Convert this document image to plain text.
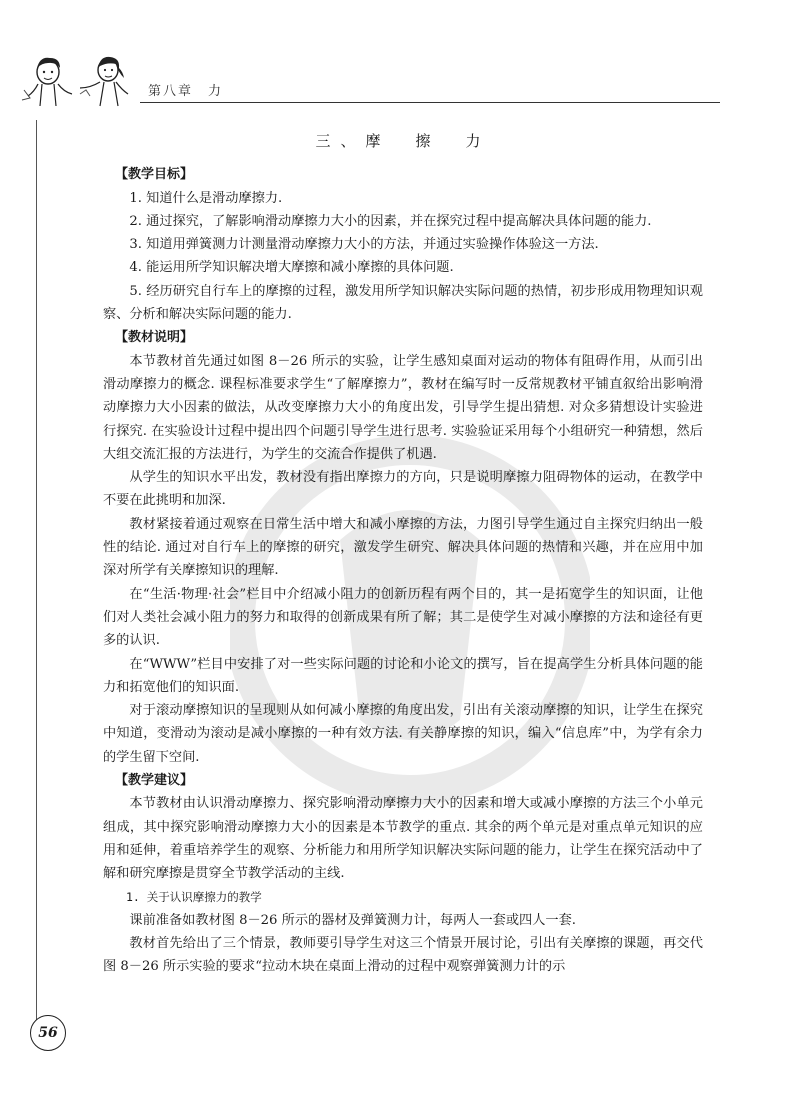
第八章　力
三、摩　擦　力
【教学目标】

1. 知道什么是滑动摩擦力.

2. 通过探究，了解影响滑动摩擦力大小的因素，并在探究过程中提高解决具体问题的能力.

3. 知道用弹簧测力计测量滑动摩擦力大小的方法，并通过实验操作体验这一方法.

4. 能运用所学知识解决增大摩擦和减小摩擦的具体问题.

5. 经历研究自行车上的摩擦的过程，激发用所学知识解决实际问题的热情，初步形成用物理知识观察、分析和解决实际问题的能力.

【教材说明】

本节教材首先通过如图 8－26 所示的实验，让学生感知桌面对运动的物体有阻碍作用，从而引出滑动摩擦力的概念. 课程标准要求学生“了解摩擦力”，教材在编写时一反常规教材平铺直叙给出影响滑动摩擦力大小因素的做法，从改变摩擦力大小的角度出发，引导学生提出猜想. 对众多猜想设计实验进行探究. 在实验设计过程中提出四个问题引导学生进行思考. 实验验证采用每个小组研究一种猜想，然后大组交流汇报的方法进行，为学生的交流合作提供了机遇.

从学生的知识水平出发，教材没有指出摩擦力的方向，只是说明摩擦力阻碍物体的运动，在教学中不要在此挑明和加深.

教材紧接着通过观察在日常生活中增大和减小摩擦的方法，力图引导学生通过自主探究归纳出一般性的结论. 通过对自行车上的摩擦的研究，激发学生研究、解决具体问题的热情和兴趣，并在应用中加深对所学有关摩擦知识的理解.

在“生活·物理·社会”栏目中介绍减小阻力的创新历程有两个目的，其一是拓宽学生的知识面，让他们对人类社会减小阻力的努力和取得的创新成果有所了解；其二是使学生对减小摩擦的方法和途径有更多的认识.

在“WWW”栏目中安排了对一些实际问题的讨论和小论文的撰写，旨在提高学生分析具体问题的能力和拓宽他们的知识面.

对于滚动摩擦知识的呈现则从如何减小摩擦的角度出发，引出有关滚动摩擦的知识，让学生在探究中知道，变滑动为滚动是减小摩擦的一种有效方法. 有关静摩擦的知识，编入“信息库”中，为学有余力的学生留下空间.

【教学建议】

本节教材由认识滑动摩擦力、探究影响滑动摩擦力大小的因素和增大或减小摩擦的方法三个小单元组成，其中探究影响滑动摩擦力大小的因素是本节教学的重点. 其余的两个单元是对重点单元知识的应用和延伸，着重培养学生的观察、分析能力和用所学知识解决实际问题的能力，让学生在探究活动中了解和研究摩擦是贯穿全节教学活动的主线.

1. 关于认识摩擦力的教学

课前准备如教材图 8－26 所示的器材及弹簧测力计，每两人一套或四人一套.

教材首先给出了三个情景，教师要引导学生对这三个情景开展讨论，引出有关摩擦的课题，再交代图 8－26 所示实验的要求“拉动木块在桌面上滑动的过程中观察弹簧测力计的示

56
